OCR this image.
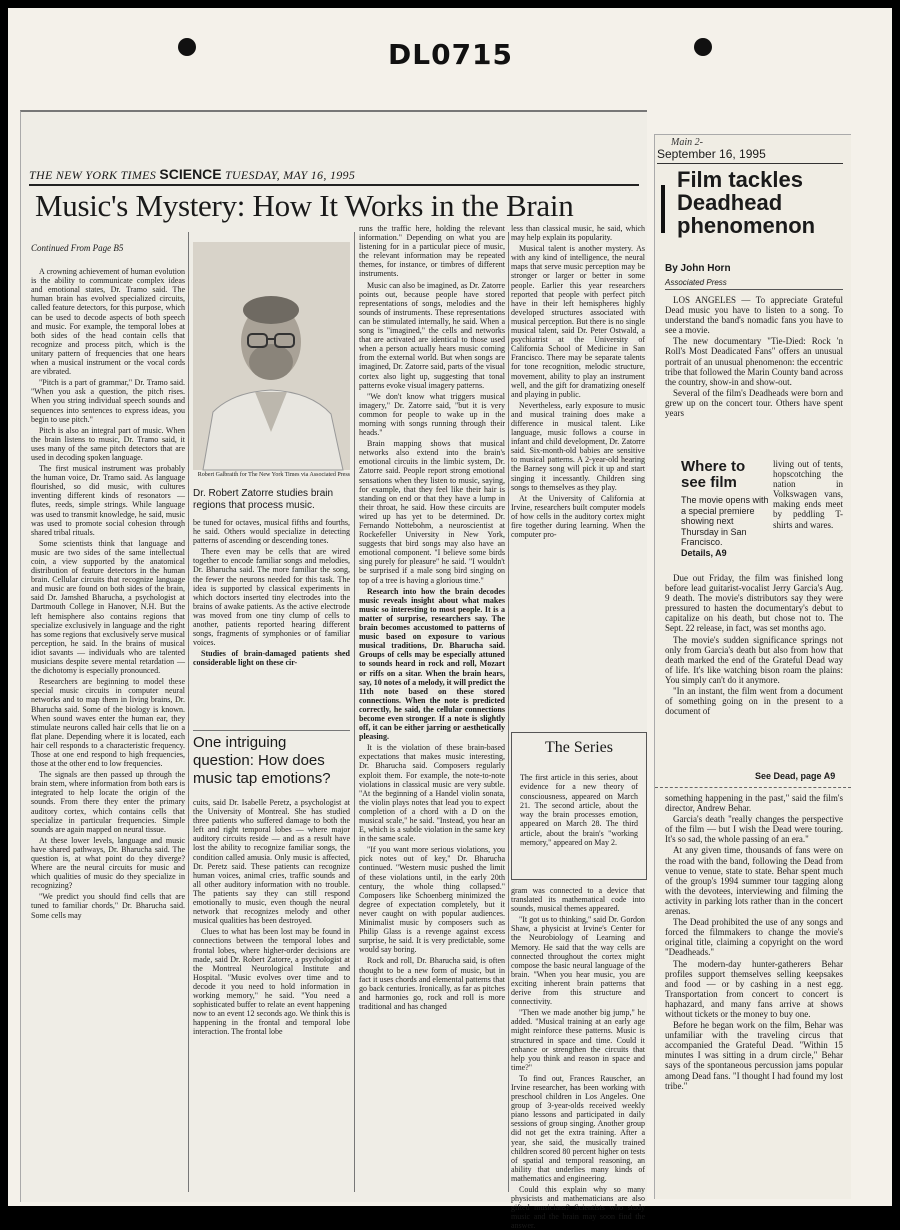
DL0715
THE NEW YORK TIMES SCIENCE TUESDAY, MAY 16, 1995
Music's Mystery: How It Works in the Brain

Continued From Page B5

A crowning achievement of human evolution is the ability to communicate complex ideas and emotional states, Dr. Tramo said. The human brain has evolved specialized circuits, called feature detectors, for this purpose, which can be used to decode aspects of both speech and music. For example, the temporal lobes at both sides of the head contain cells that recognize and process pitch, which is the unitary pattern of frequencies that one hears when a musical instrument or the vocal cords are vibrated.

"Pitch is a part of grammar," Dr. Tramo said. "When you ask a question, the pitch rises. When you string individual speech sounds and sequences into sentences to express ideas, you begin to use pitch."

Pitch is also an integral part of music. When the brain listens to music, Dr. Tramo said, it uses many of the same pitch detectors that are used in decoding spoken language.

The first musical instrument was probably the human voice, Dr. Tramo said. As language flourished, so did music, with cultures inventing different kinds of resonators — flutes, reeds, simple strings. While language was used to transmit knowledge, he said, music was used to promote social cohesion through shared tribal rituals.

Some scientists think that language and music are two sides of the same intellectual coin, a view supported by the anatomical distribution of feature detectors in the human brain. Cellular circuits that recognize language and music are found on both sides of the brain, said Dr. Jamshed Bharucha, a psychologist at Dartmouth College in Hanover, N.H. But the left hemisphere also contains regions that specialize exclusively in language and the right has some regions that exclusively serve musical perception, he said. In the brains of musical idiot savants — individuals who are talented musicians despite severe mental retardation — the dichotomy is especially pronounced.

Researchers are beginning to model these special music circuits in computer neural networks and to map them in living brains, Dr. Bharucha said. Some of the biology is known. When sound waves enter the human ear, they stimulate neurons called hair cells that lie on a flat plane. Depending where it is located, each hair cell responds to a characteristic frequency. Those at one end respond to high frequencies, those at the other end to low frequencies.

The signals are then passed up through the brain stem, where information from both ears is integrated to help locate the origin of the sounds. From there they enter the primary auditory cortex, which contains cells that specialize in particular frequencies. Simple sounds are again mapped on neural tissue.

At these lower levels, language and music have shared pathways, Dr. Bharucha said. The question is, at what point do they diverge? Where are the neural circuits for music and which qualities of music do they specialize in recognizing?

"We predict you should find cells that are tuned to familiar chords," Dr. Bharucha said. Some cells may

Robert Galbraith for The New York Times via Associated Press
Dr. Robert Zatorre studies brain regions that process music.

be tuned for octaves, musical fifths and fourths, he said. Others would specialize in detecting patterns of ascending or descending tones.

There even may be cells that are wired together to encode familiar songs and melodies, Dr. Bharucha said. The more familiar the song, the fewer the neurons needed for this task. The idea is supported by classical experiments in which doctors inserted tiny electrodes into the brains of awake patients. As the active electrode was moved from one tiny clump of cells to another, patients reported hearing different songs, fragments of symphonies or of familiar voices.

Studies of brain-damaged patients shed considerable light on these cir-

One intriguing question: How does music tap emotions?

cuits, said Dr. Isabelle Peretz, a psychologist at the University of Montreal. She has studied three patients who suffered damage to both the left and right temporal lobes — where major auditory circuits reside — and as a result have lost the ability to recognize familiar songs, the condition called amusia. Only music is affected, Dr. Peretz said. These patients can recognize human voices, animal cries, traffic sounds and all other auditory information with no trouble. The patients say they can still respond emotionally to music, even though the neural network that recognizes melody and other musical qualities has been destroyed.

Clues to what has been lost may be found in connections between the temporal lobes and frontal lobes, where higher-order decisions are made, said Dr. Robert Zatorre, a psychologist at the Montreal Neurological Institute and Hospital. "Music evolves over time and to decode it you need to hold information in working memory," he said. "You need a sophisticated buffer to relate an event happening now to an event 12 seconds ago. We think this is happening in the frontal and temporal lobe interaction. The frontal lobe

runs the traffic here, holding the relevant information." Depending on what you are listening for in a particular piece of music, the relevant information may be repeated themes, for instance, or timbres of different instruments.

Music can also be imagined, as Dr. Zatorre points out, because people have stored representations of songs, melodies and the sounds of instruments. These representations can be stimulated internally, he said. When a song is "imagined," the cells and networks that are activated are identical to those used when a person actually hears music coming from the external world. But when songs are imagined, Dr. Zatorre said, parts of the visual cortex also light up, suggesting that tonal patterns evoke visual imagery patterns.

"We don't know what triggers musical imagery," Dr. Zatorre said, "but it is very common for people to wake up in the morning with songs running through their heads."

Brain mapping shows that musical networks also extend into the brain's emotional circuits in the limbic system, Dr. Zatorre said. People report strong emotional sensations when they listen to music, saying, for example, that they feel like their hair is standing on end or that they have a lump in their throat, he said. How these circuits are wired up has yet to be determined. Dr. Fernando Nottebohm, a neuroscientist at Rockefeller University in New York, suggests that bird songs may also have an emotional component. "I believe some birds sing purely for pleasure" he said. "I wouldn't be surprised if a male song bird singing on top of a tree is having a glorious time."

Research into how the brain decodes music reveals insight about what makes music so interesting to most people. It is a matter of surprise, researchers say. The brain becomes accustomed to patterns of music based on exposure to various musical traditions, Dr. Bharucha said. Groups of cells may be especially attuned to sounds heard in rock and roll, Mozart or riffs on a sitar. When the brain hears, say, 10 notes of a melody, it will predict the 11th note based on these stored connections. When the note is predicted correctly, he said, the cellular connections become even stronger. If a note is slightly off, it can be either jarring or aesthetically pleasing.

It is the violation of these brain-based expectations that makes music interesting, Dr. Bharucha said. Composers regularly exploit them. For example, the note-to-note violations in classical music are very subtle. "At the beginning of a Handel violin sonata, the violin plays notes that lead you to expect completion of a chord with a D on the musical scale," he said. "Instead, you hear an E, which is a subtle violation in the same key in the same scale.

"If you want more serious violations, you pick notes out of key," Dr. Bharucha continued. "Western music pushed the limit of these violations until, in the early 20th century, the whole thing collapsed." Composers like Schoenberg minimized the degree of expectation completely, but it never caught on with popular audiences. Minimalist music by composers such as Philip Glass is a revenge against excess surprise, he said. It is very predictable, some would say boring.

Rock and roll, Dr. Bharucha said, is often thought to be a new form of music, but in fact it uses chords and elemental patterns that go back centuries. Ironically, as far as pitches and harmonies go, rock and roll is more traditional and has changed

less than classical music, he said, which may help explain its popularity.

Musical talent is another mystery. As with any kind of intelligence, the neural maps that serve music perception may be stronger or larger or better in some people. Earlier this year researchers reported that people with perfect pitch have in their left hemispheres highly developed structures associated with musical perception. But there is no single musical talent, said Dr. Peter Ostwald, a psychiatrist at the University of California School of Medicine in San Francisco. There may be separate talents for tone recognition, melodic structure, movement, ability to play an instrument well, and the gift for dramatizing oneself and playing in public.

Nevertheless, early exposure to music and musical training does make a difference in musical talent. Like language, music follows a course in infant and child development, Dr. Zatorre said. Six-month-old babies are sensitive to musical patterns. A 2-year-old hearing the Barney song will pick it up and start singing it incessantly. Children sing songs to themselves as they play.

At the University of California at Irvine, researchers built computer models of how cells in the auditory cortex might fire together during learning. When the computer pro-

The Series
The first article in this series, about evidence for a new theory of consciousness, appeared on March 21. The second article, about the way the brain processes emotion, appeared on March 28. The third article, about the brain's "working memory," appeared on May 2.

gram was connected to a device that translated its mathematical code into sounds, musical themes appeared.

"It got us to thinking," said Dr. Gordon Shaw, a physicist at Irvine's Center for the Neurobiology of Learning and Memory. He said that the way cells are connected throughout the cortex might compose the basic neural language of the brain. "When you hear music, you are exciting inherent brain patterns that derive from this structure and connectivity.

"Then we made another big jump," he added. "Musical training at an early age might reinforce these patterns. Music is structured in space and time. Could it enhance or strengthen the circuits that help you think and reason in space and time?"

To find out, Frances Rauscher, an Irvine researcher, has been working with preschool children in Los Angeles. One group of 3-year-olds received weekly piano lessons and participated in daily sessions of group singing. Another group did not get the extra training. After a year, she said, the musically trained children scored 80 percent higher on tests of spatial and temporal reasoning, an ability that underlies many kinds of mathematics and engineering.

Could this explain why so many physicists and mathematicians are also gifted musicians? Scientists who study music and the brain may soon find the answer.

Main 2-
September 16, 1995
Film tackles Deadhead phenomenon
By John Horn
Associated Press

LOS ANGELES — To appreciate Grateful Dead music you have to listen to a song. To understand the band's nomadic fans you have to see a movie.

The new documentary "Tie-Died: Rock 'n Roll's Most Deadicated Fans" offers an unusual portrait of an unusual phenomenon: the eccentric tribe that followed the Marin County band across the country, show-in and show-out.

Several of the film's Deadheads were born and grew up on the concert tour. Others have spent years

Where to see film
The movie opens with a special premiere showing next Thursday in San Francisco.
Details, A9
living out of tents, hopscotching the nation in Volkswagen vans, making ends meet by peddling T-shirts and wares.

Due out Friday, the film was finished long before lead guitarist-vocalist Jerry Garcia's Aug. 9 death. The movie's distributors say they were pressured to hasten the documentary's debut to capitalize on his death, but chose not to. The Sept. 22 release, in fact, was set months ago.

The movie's sudden significance springs not only from Garcia's death but also from how that death marked the end of the Grateful Dead way of life. It's like watching bison roam the plains: You simply can't do it anymore.

"In an instant, the film went from a document of something going on in the present to a document of

See Dead, page A9

something happening in the past," said the film's director, Andrew Behar.

Garcia's death "really changes the perspective of the film — but I wish the Dead were touring. It's so sad, the whole passing of an era."

At any given time, thousands of fans were on the road with the band, following the Dead from venue to venue, state to state. Behar spent much of the group's 1994 summer tour tagging along with the devotees, interviewing and filming the activity in parking lots rather than in the concert arenas.

The Dead prohibited the use of any songs and forced the filmmakers to change the movie's original title, claiming a copyright on the word "Deadheads."

The modern-day hunter-gatherers Behar profiles support themselves selling keepsakes and food — or by cashing in a nest egg. Transportation from concert to concert is haphazard, and many fans arrive at shows without tickets or the money to buy one.

Before he began work on the film, Behar was unfamiliar with the traveling circus that accompanied the Grateful Dead. "Within 15 minutes I was sitting in a drum circle," Behar says of the spontaneous percussion jams popular among Dead fans. "I thought I had found my lost tribe."
